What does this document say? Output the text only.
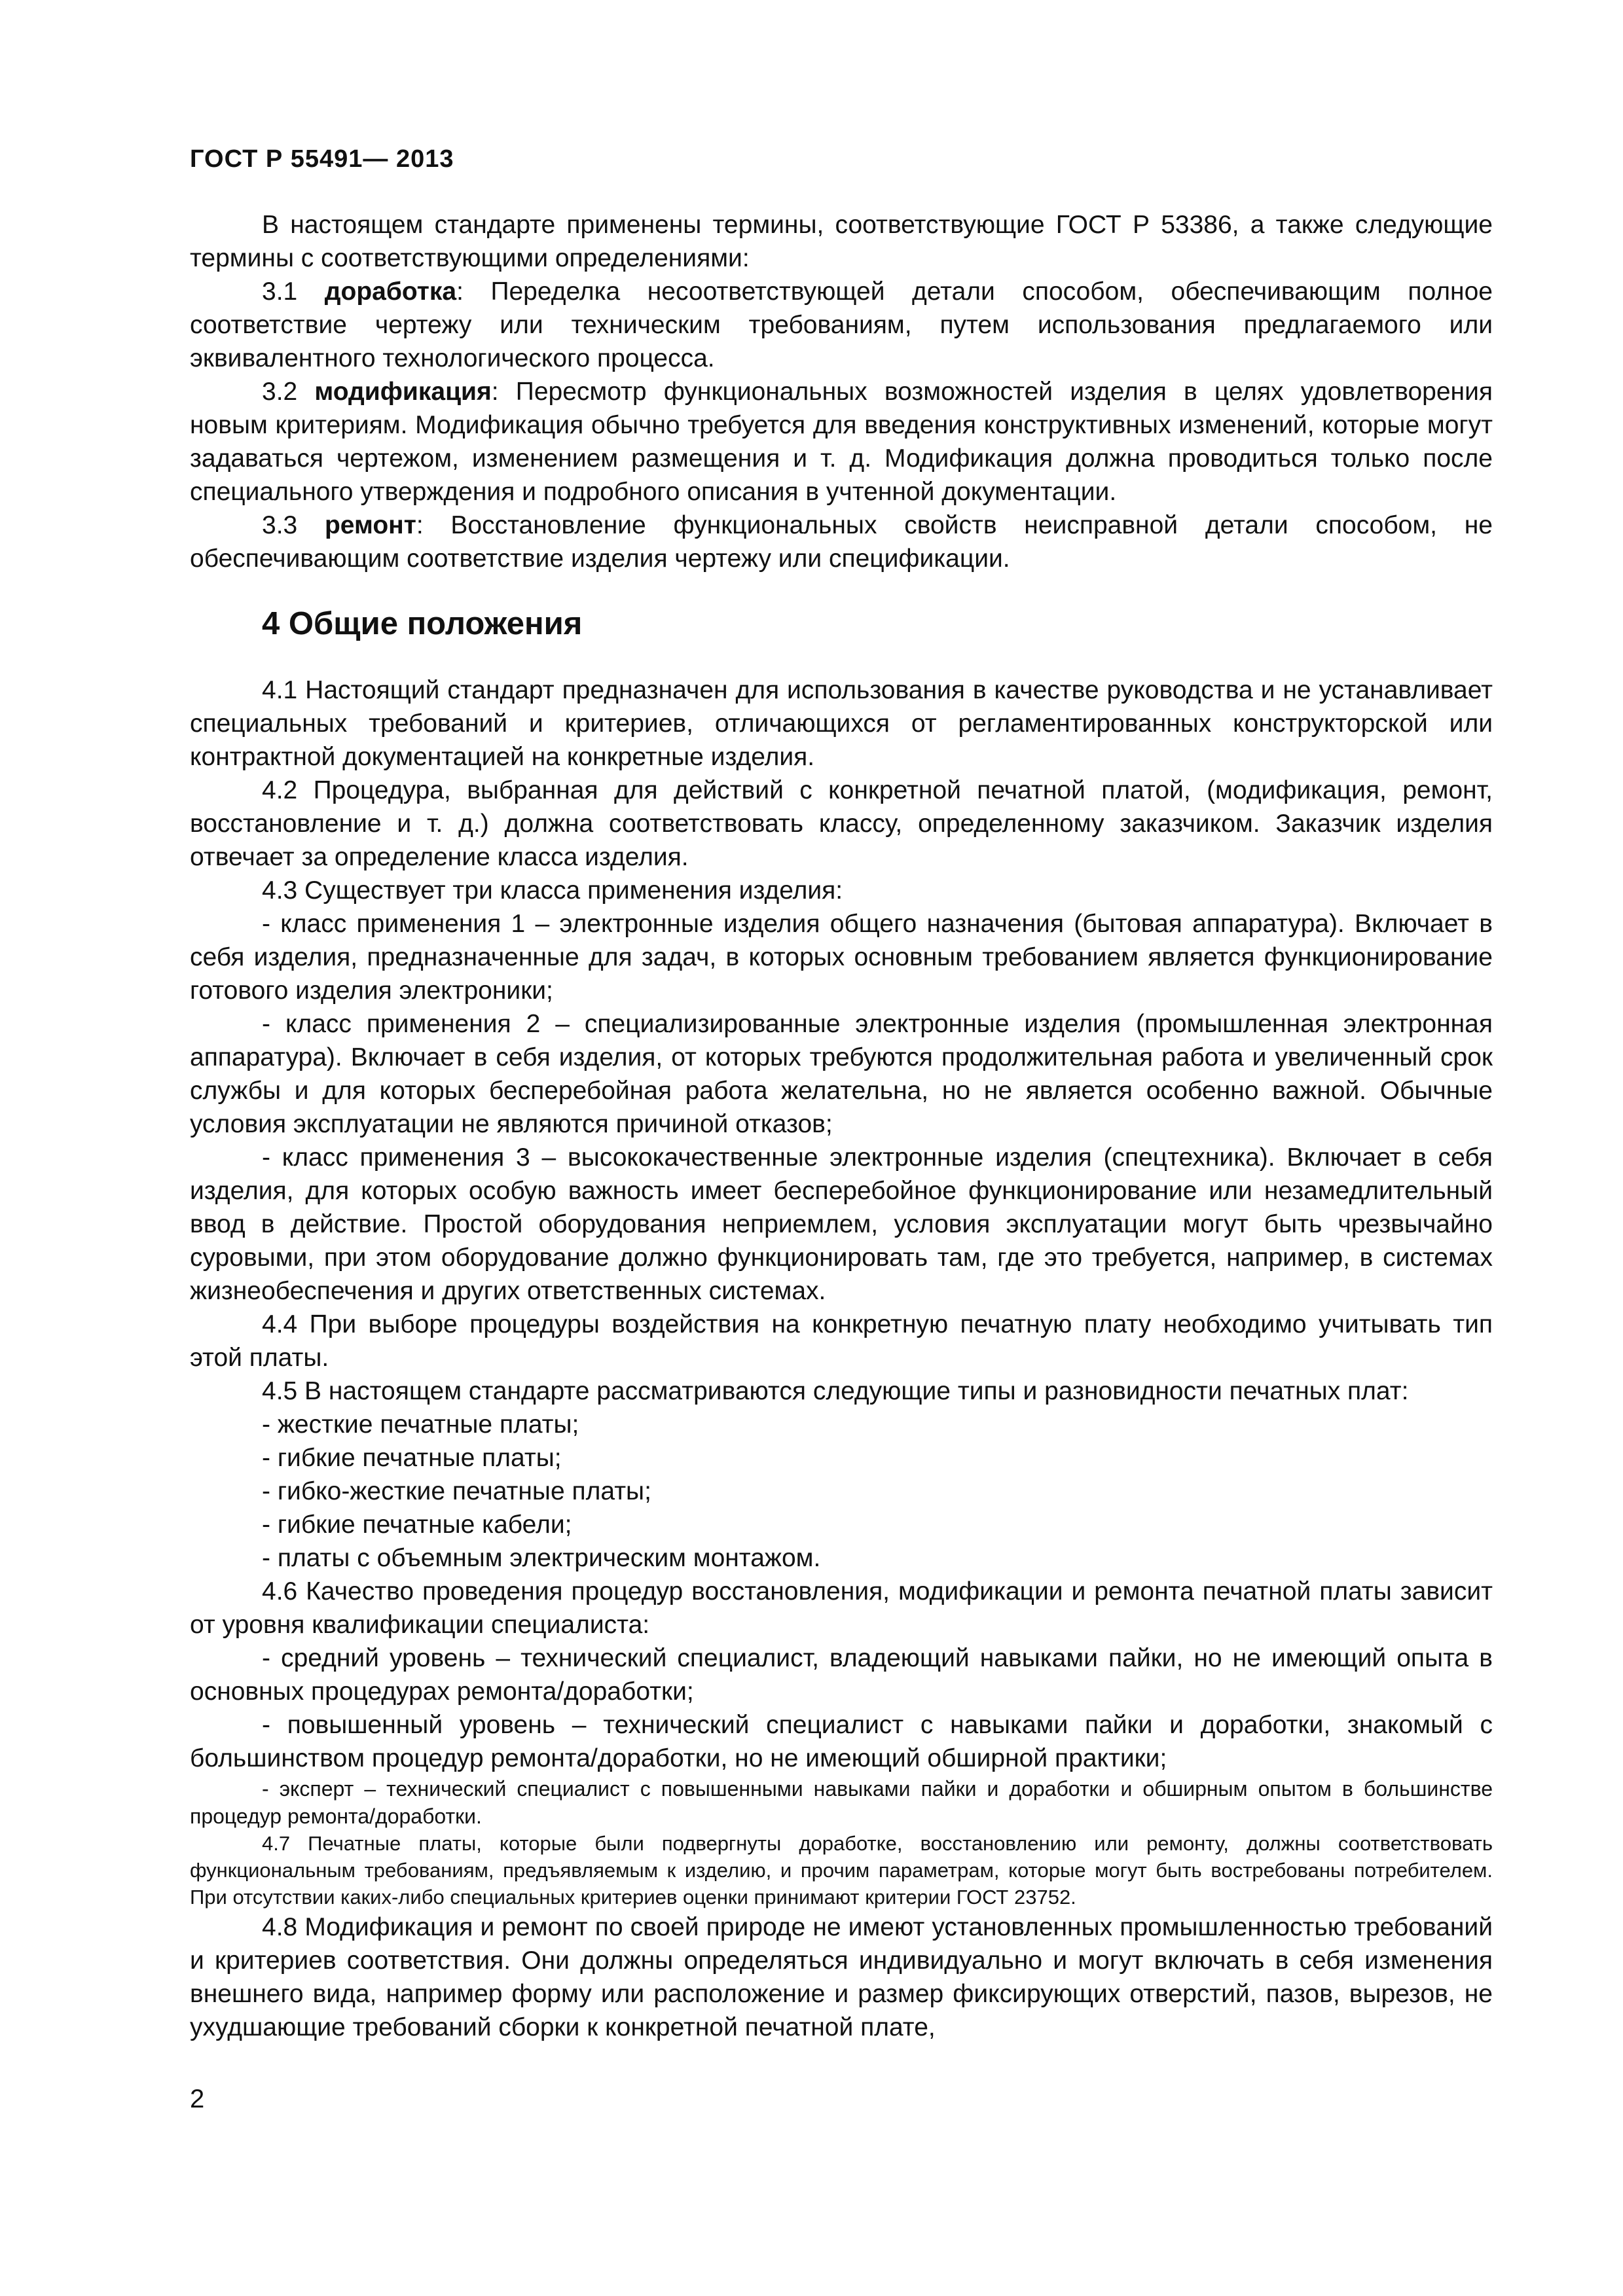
ГОСТ Р 55491— 2013

В настоящем стандарте применены термины, соответствующие ГОСТ Р 53386, а также следующие термины с соответствующими определениями:

3.1 доработка: Переделка несоответствующей детали способом, обеспечивающим полное соответствие чертежу или техническим требованиям, путем использования предлагаемого или эквивалентного технологического процесса.

3.2 модификация: Пересмотр функциональных возможностей изделия в целях удовлетворения новым критериям. Модификация обычно требуется для введения конструктивных изменений, которые могут задаваться чертежом, изменением размещения и т. д. Модификация должна проводиться только после специального утверждения и подробного описания в учтенной документации.

3.3 ремонт: Восстановление функциональных свойств неисправной детали способом, не обеспечивающим соответствие изделия чертежу или спецификации.

4 Общие положения

4.1 Настоящий стандарт предназначен для использования в качестве руководства и не устанавливает специальных требований и критериев, отличающихся от регламентированных конструкторской или контрактной документацией на конкретные изделия.

4.2 Процедура, выбранная для действий с конкретной печатной платой, (модификация, ремонт, восстановление и т. д.) должна соответствовать классу, определенному заказчиком. Заказчик изделия отвечает за определение класса изделия.

4.3 Существует три класса применения изделия:

- класс применения 1 – электронные изделия общего назначения (бытовая аппаратура). Включает в себя изделия, предназначенные для задач, в которых основным требованием является функционирование готового изделия электроники;

- класс применения 2 – специализированные электронные изделия (промышленная электронная аппаратура). Включает в себя изделия, от которых требуются продолжительная работа и увеличенный срок службы и для которых бесперебойная работа желательна, но не является особенно важной. Обычные условия эксплуатации не являются причиной отказов;

- класс применения 3 – высококачественные электронные изделия (спецтехника). Включает в себя изделия, для которых особую важность имеет бесперебойное функционирование или незамедлительный ввод в действие. Простой оборудования неприемлем, условия эксплуатации могут быть чрезвычайно суровыми, при этом оборудование должно функционировать там, где это требуется, например, в системах жизнеобеспечения и других ответственных системах.

4.4 При выборе процедуры воздействия на конкретную печатную плату необходимо учитывать тип этой платы.

4.5 В настоящем стандарте рассматриваются следующие типы и разновидности печатных плат:

- жесткие печатные платы;

- гибкие печатные платы;

- гибко-жесткие печатные платы;

- гибкие печатные кабели;

- платы с объемным электрическим монтажом.

4.6 Качество проведения процедур восстановления, модификации и ремонта печатной платы зависит от уровня квалификации специалиста:

- средний уровень – технический специалист, владеющий навыками пайки, но не имеющий опыта в основных процедурах ремонта/доработки;

- повышенный уровень – технический специалист с навыками пайки и доработки, знакомый с большинством процедур ремонта/доработки, но не имеющий обширной практики;

- эксперт – технический специалист с повышенными навыками пайки и доработки и обширным опытом в большинстве процедур ремонта/доработки.

4.7 Печатные платы, которые были подвергнуты доработке, восстановлению или ремонту, должны соответствовать функциональным требованиям, предъявляемым к изделию, и прочим параметрам, которые могут быть востребованы потребителем. При отсутствии каких-либо специальных критериев оценки принимают критерии ГОСТ 23752.

4.8 Модификация и ремонт по своей природе не имеют установленных промышленностью требований и критериев соответствия. Они должны определяться индивидуально и могут включать в себя изменения внешнего вида, например форму или расположение и размер фиксирующих отверстий, пазов, вырезов, не ухудшающие требований сборки к конкретной печатной плате,

2
